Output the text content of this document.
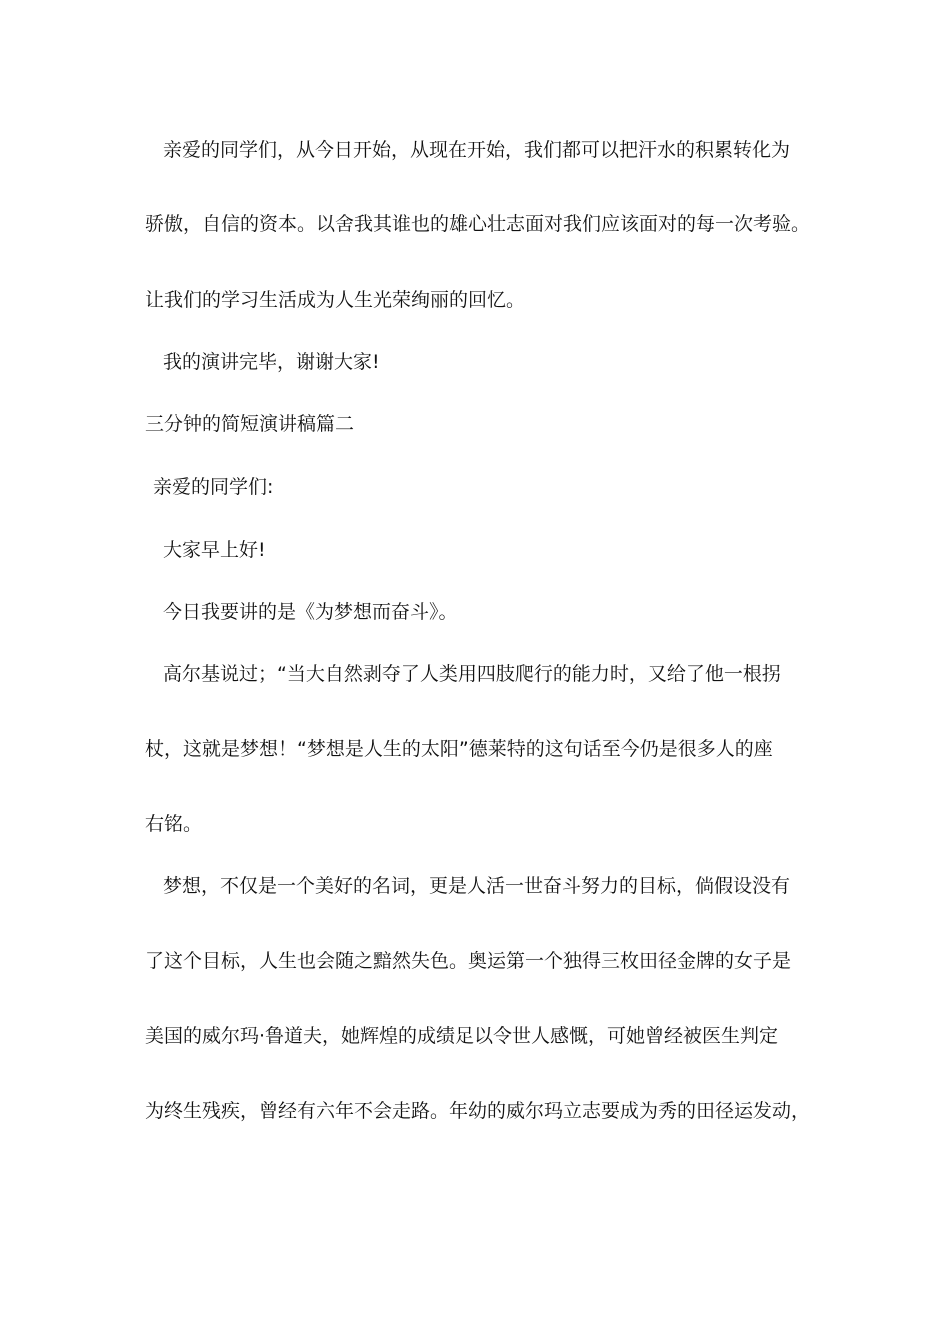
亲爱的同学们，从今日开始，从现在开始，我们都可以把汗水的积累转化为
骄傲，自信的资本。以舍我其谁也的雄心壮志面对我们应该面对的每一次考验。
让我们的学习生活成为人生光荣绚丽的回忆。
我的演讲完毕，谢谢大家!
三分钟的简短演讲稿篇二
亲爱的同学们:
大家早上好!
今日我要讲的是《为梦想而奋斗》。
高尔基说过；“当大自然剥夺了人类用四肢爬行的能力时，又给了他一根拐
杖，这就是梦想！“梦想是人生的太阳”德莱特的这句话至今仍是很多人的座
右铭。
梦想，不仅是一个美好的名词，更是人活一世奋斗努力的目标，倘假设没有
了这个目标，人生也会随之黯然失色。奥运第一个独得三枚田径金牌的女子是
美国的威尔玛·鲁道夫，她辉煌的成绩足以令世人感慨，可她曾经被医生判定
为终生残疾，曾经有六年不会走路。年幼的威尔玛立志要成为秀的田径运发动，
